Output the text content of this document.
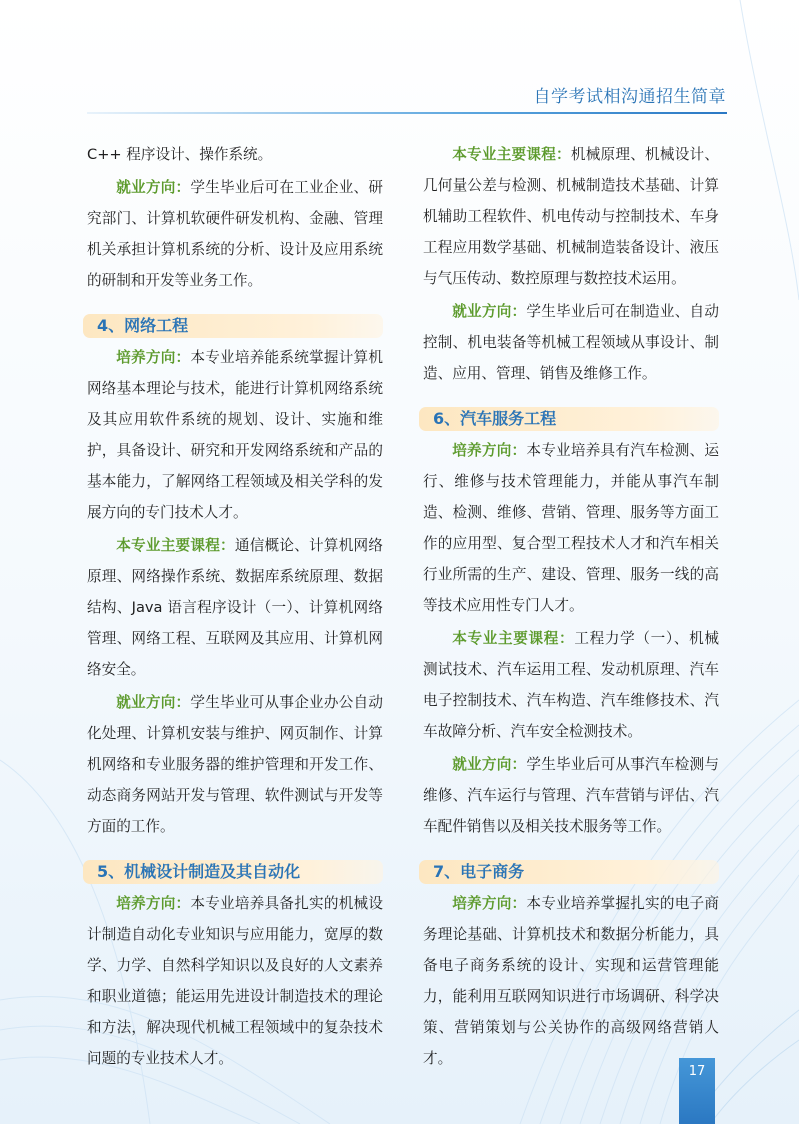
自学考试相沟通招生简章

C++ 程序设计、操作系统。

就业方向：学生毕业后可在工业企业、研究部门、计算机软硬件研发机构、金融、管理机关承担计算机系统的分析、设计及应用系统的研制和开发等业务工作。

4、网络工程

培养方向：本专业培养能系统掌握计算机网络基本理论与技术，能进行计算机网络系统及其应用软件系统的规划、设计、实施和维护，具备设计、研究和开发网络系统和产品的基本能力，了解网络工程领域及相关学科的发展方向的专门技术人才。

本专业主要课程：通信概论、计算机网络原理、网络操作系统、数据库系统原理、数据结构、Java 语言程序设计（一）、计算机网络管理、网络工程、互联网及其应用、计算机网络安全。

就业方向：学生毕业可从事企业办公自动化处理、计算机安装与维护、网页制作、计算机网络和专业服务器的维护管理和开发工作、动态商务网站开发与管理、软件测试与开发等方面的工作。

5、机械设计制造及其自动化

培养方向：本专业培养具备扎实的机械设计制造自动化专业知识与应用能力，宽厚的数学、力学、自然科学知识以及良好的人文素养和职业道德；能运用先进设计制造技术的理论和方法，解决现代机械工程领域中的复杂技术问题的专业技术人才。

本专业主要课程：机械原理、机械设计、几何量公差与检测、机械制造技术基础、计算机辅助工程软件、机电传动与控制技术、车身工程应用数学基础、机械制造装备设计、液压与气压传动、数控原理与数控技术运用。

就业方向：学生毕业后可在制造业、自动控制、机电装备等机械工程领域从事设计、制造、应用、管理、销售及维修工作。

6、汽车服务工程

培养方向：本专业培养具有汽车检测、运行、维修与技术管理能力，并能从事汽车制造、检测、维修、营销、管理、服务等方面工作的应用型、复合型工程技术人才和汽车相关行业所需的生产、建设、管理、服务一线的高等技术应用性专门人才。

本专业主要课程：工程力学（一）、机械测试技术、汽车运用工程、发动机原理、汽车电子控制技术、汽车构造、汽车维修技术、汽车故障分析、汽车安全检测技术。

就业方向：学生毕业后可从事汽车检测与维修、汽车运行与管理、汽车营销与评估、汽车配件销售以及相关技术服务等工作。

7、电子商务

培养方向：本专业培养掌握扎实的电子商务理论基础、计算机技术和数据分析能力，具备电子商务系统的设计、实现和运营管理能力，能利用互联网知识进行市场调研、科学决策、营销策划与公关协作的高级网络营销人才。

17
